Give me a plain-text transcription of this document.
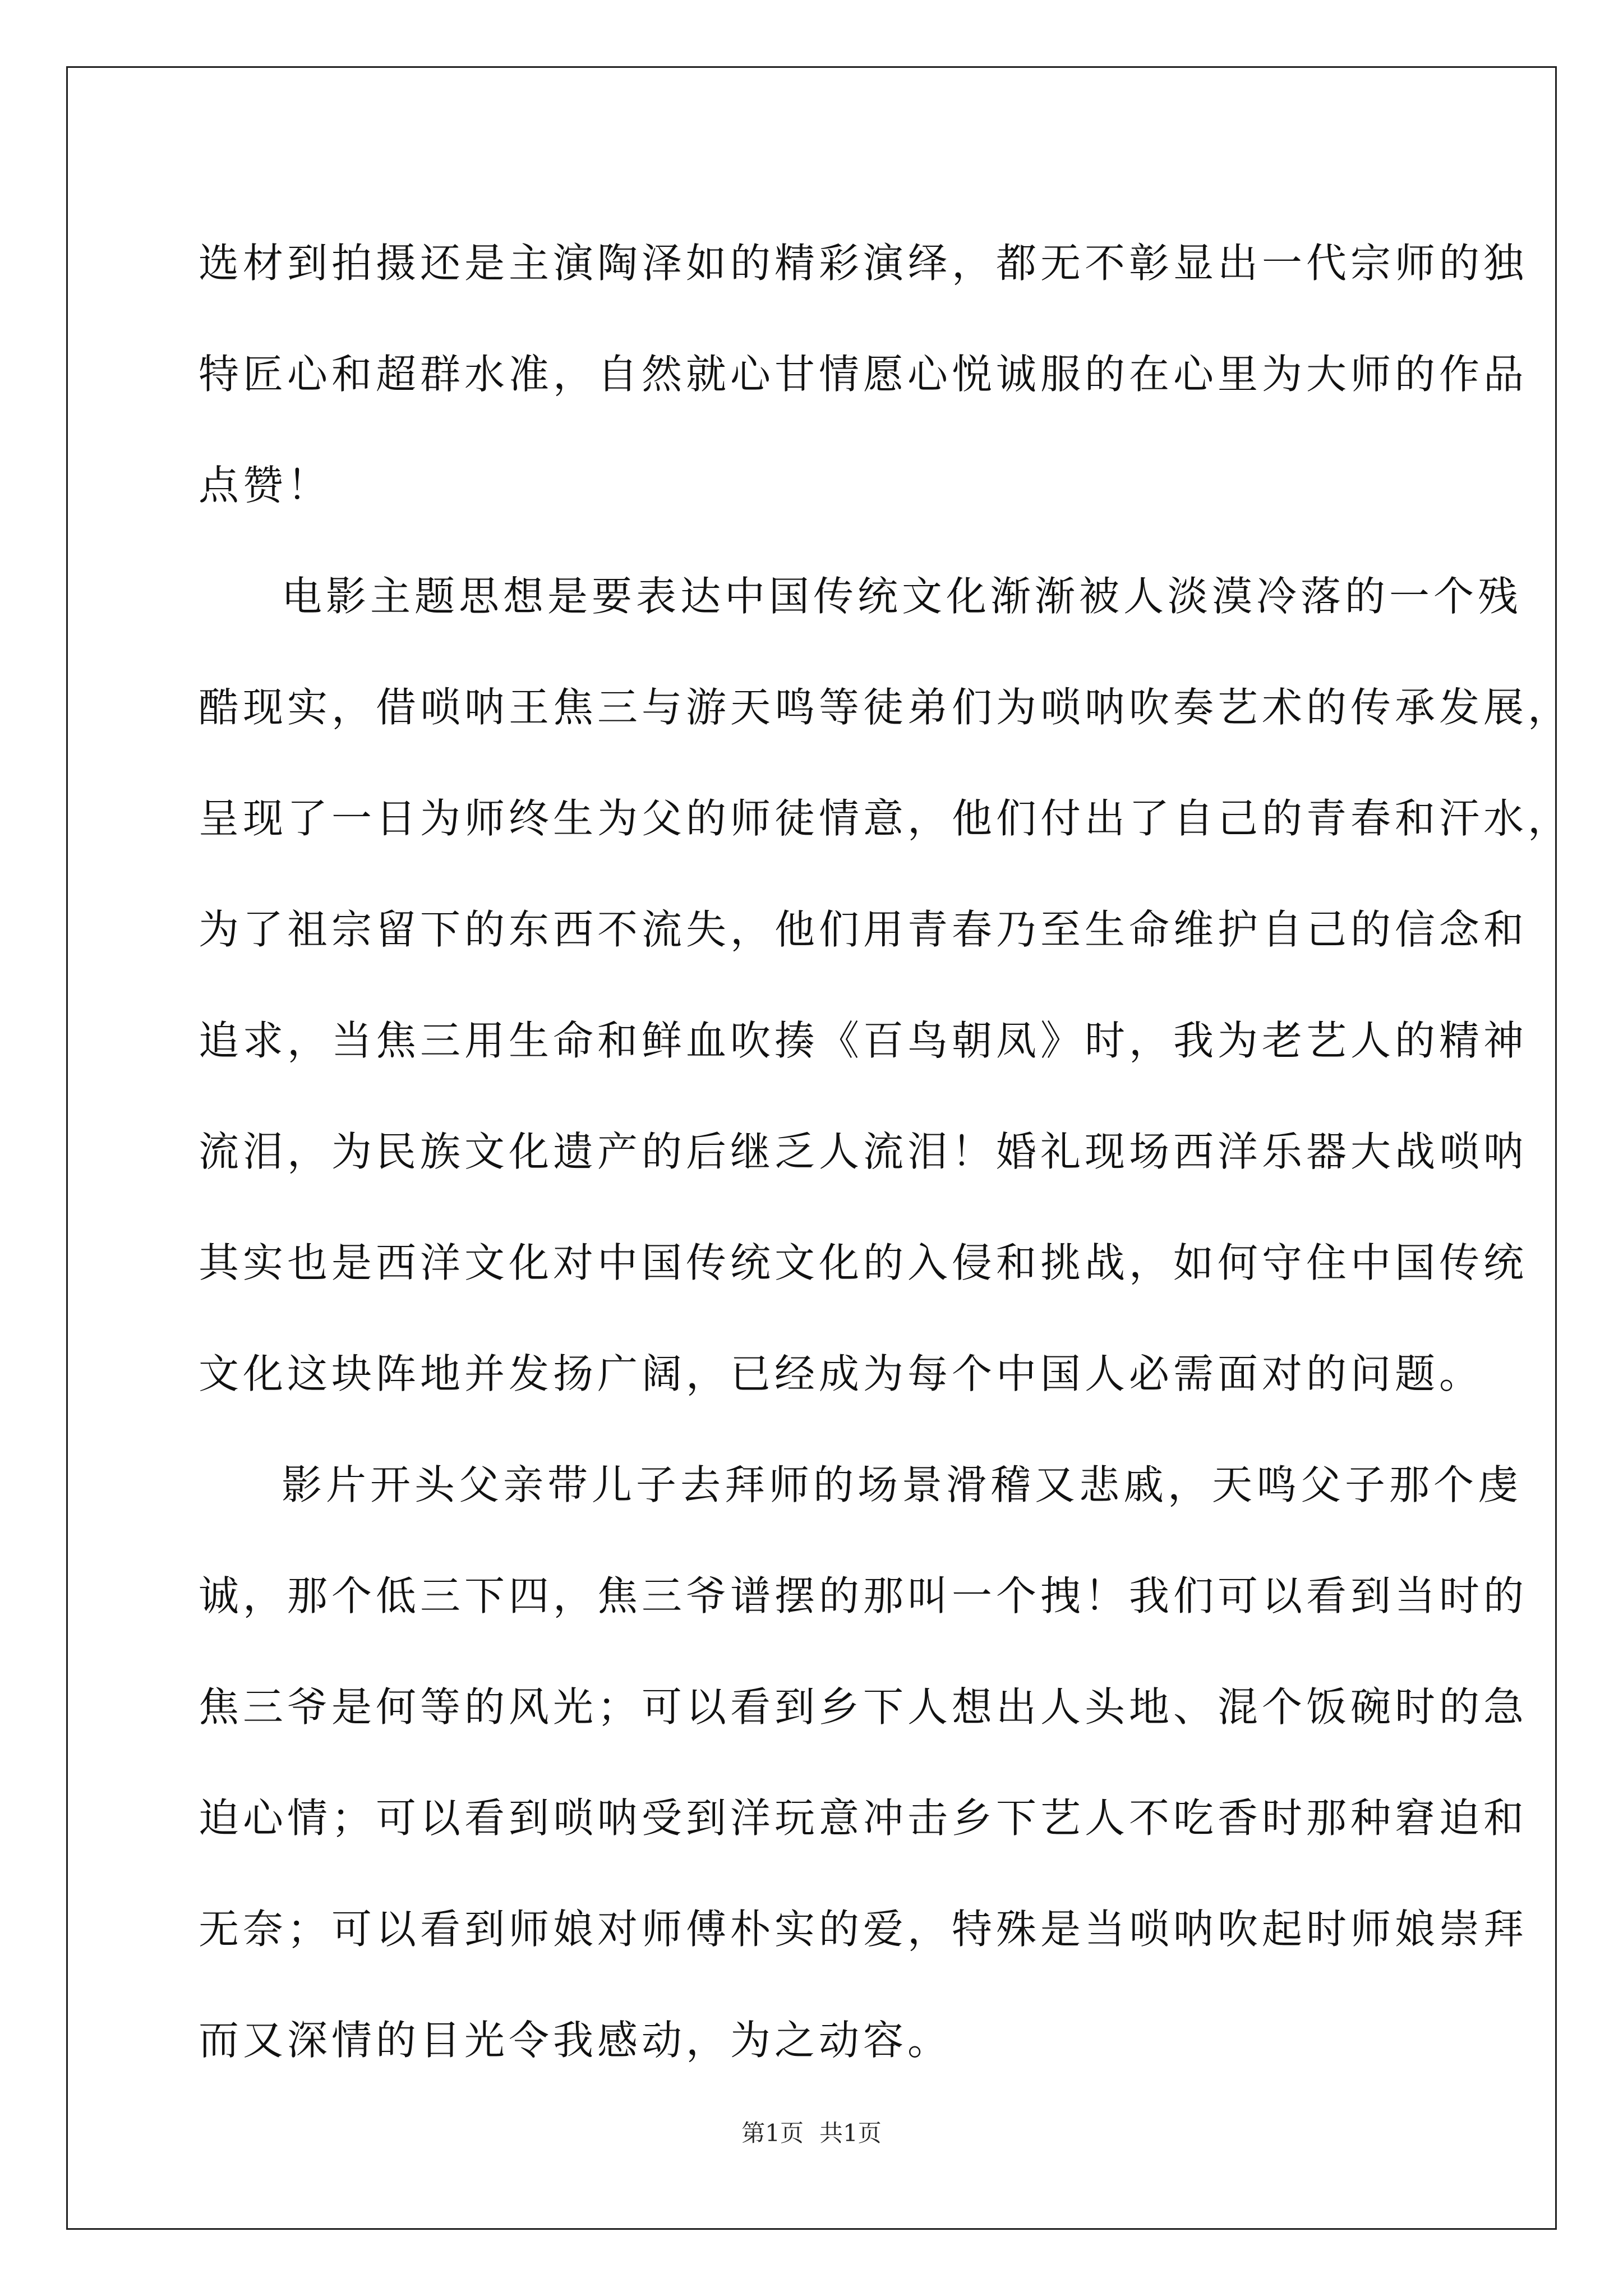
选材到拍摄还是主演陶泽如的精彩演绎，都无不彰显出一代宗师的独
特匠心和超群水准，自然就心甘情愿心悦诚服的在心里为大师的作品
点赞！
电影主题思想是要表达中国传统文化渐渐被人淡漠冷落的一个残
酷现实，借唢呐王焦三与游天鸣等徒弟们为唢呐吹奏艺术的传承发展，
呈现了一日为师终生为父的师徒情意，他们付出了自己的青春和汗水，
为了祖宗留下的东西不流失，他们用青春乃至生命维护自己的信念和
追求，当焦三用生命和鲜血吹揍《百鸟朝凤》时，我为老艺人的精神
流泪，为民族文化遗产的后继乏人流泪！婚礼现场西洋乐器大战唢呐
其实也是西洋文化对中国传统文化的入侵和挑战，如何守住中国传统
文化这块阵地并发扬广阔，已经成为每个中国人必需面对的问题。
影片开头父亲带儿子去拜师的场景滑稽又悲戚，天鸣父子那个虔
诚，那个低三下四，焦三爷谱摆的那叫一个拽！我们可以看到当时的
焦三爷是何等的风光；可以看到乡下人想出人头地、混个饭碗时的急
迫心情；可以看到唢呐受到洋玩意冲击乡下艺人不吃香时那种窘迫和
无奈；可以看到师娘对师傅朴实的爱，特殊是当唢呐吹起时师娘崇拜
而又深情的目光令我感动，为之动容。
第1页 共1页
